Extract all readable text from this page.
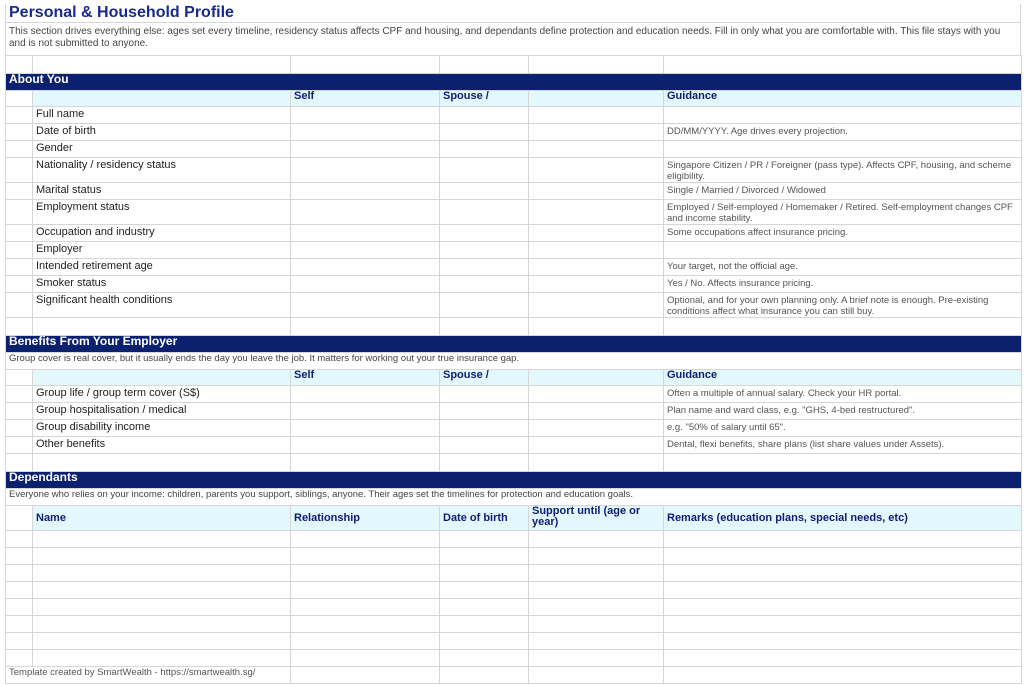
Personal & Household Profile
This section drives everything else: ages set every timeline, residency status affects CPF and housing, and dependants define protection and education needs. Fill in only what you are comfortable with. This file stays with you and is not submitted to anyone.

About You					
		Self	Spouse /		Guidance
	Full name				
	Date of birth				DD/MM/YYYY. Age drives every projection.
	Gender				
	Nationality / residency status				Singapore Citizen / PR / Foreigner (pass type). Affects CPF, housing, and scheme eligibility.
	Marital status				Single / Married / Divorced / Widowed
	Employment status				Employed / Self-employed / Homemaker / Retired. Self-employment changes CPF and income stability.
	Occupation and industry				Some occupations affect insurance pricing.
	Employer				
	Intended retirement age				Your target, not the official age.
	Smoker status				Yes / No. Affects insurance pricing.
	Significant health conditions				Optional, and for your own planning only. A brief note is enough. Pre-existing conditions affect what insurance you can still buy.

Benefits From Your Employer					
Group cover is real cover, but it usually ends the day you leave the job. It matters for working out your true insurance gap.					
		Self	Spouse /		Guidance
	Group life / group term cover (S$)				Often a multiple of annual salary. Check your HR portal.
	Group hospitalisation / medical				Plan name and ward class, e.g. "GHS, 4-bed restructured".
	Group disability income				e.g. "50% of salary until 65".
	Other benefits				Dental, flexi benefits, share plans (list share values under Assets).

Dependants					
Everyone who relies on your income: children, parents you support, siblings, anyone. Their ages set the timelines for protection and education goals.					
	Name	Relationship	Date of birth	Support until (age or year)	Remarks (education plans, special needs, etc)

Template created by SmartWealth - https://smartwealth.sg/					
